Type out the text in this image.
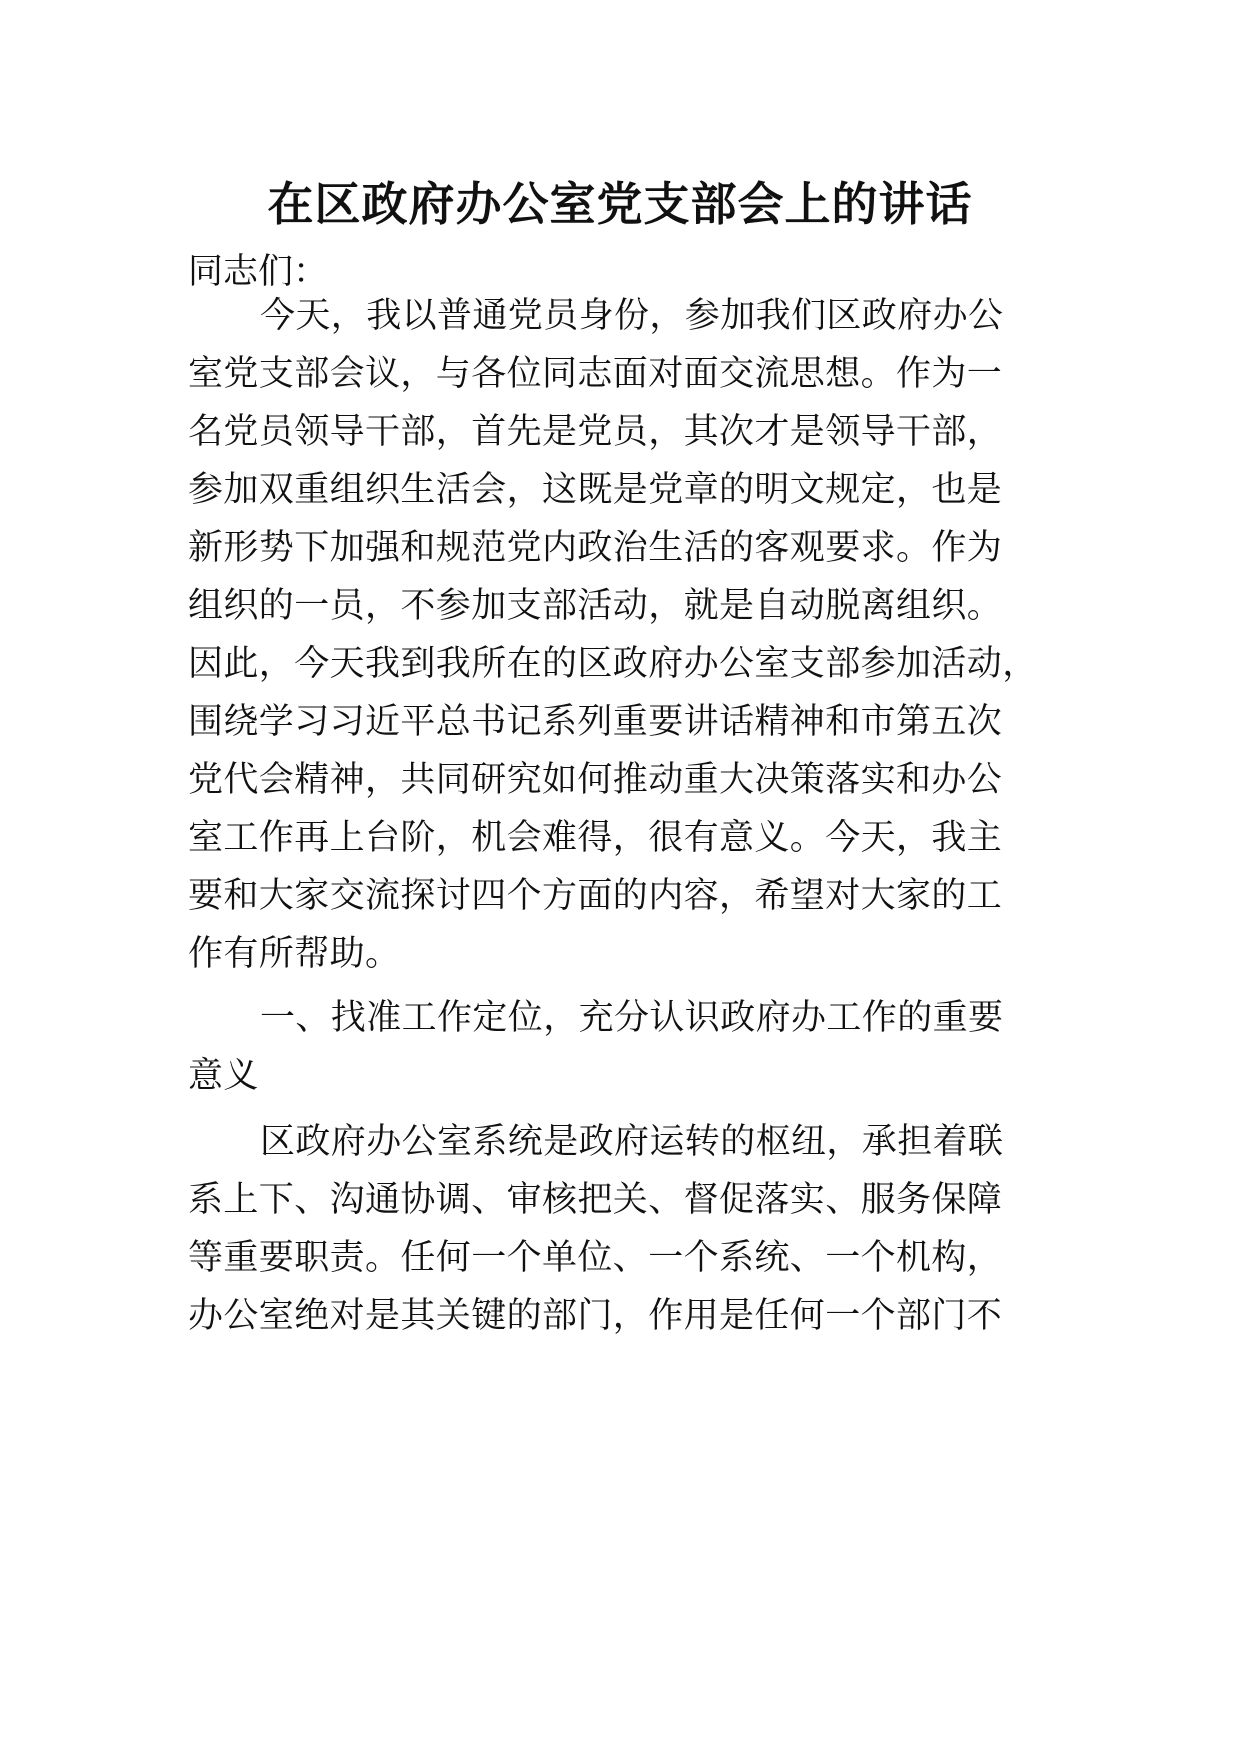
在区政府办公室党支部会上的讲话
同志们：
今天，我以普通党员身份，参加我们区政府办公
室党支部会议，与各位同志面对面交流思想。作为一
名党员领导干部，首先是党员，其次才是领导干部，
参加双重组织生活会，这既是党章的明文规定，也是
新形势下加强和规范党内政治生活的客观要求。作为
组织的一员，不参加支部活动，就是自动脱离组织。
因此，今天我到我所在的区政府办公室支部参加活动，
围绕学习习近平总书记系列重要讲话精神和市第五次
党代会精神，共同研究如何推动重大决策落实和办公
室工作再上台阶，机会难得，很有意义。今天，我主
要和大家交流探讨四个方面的内容，希望对大家的工
作有所帮助。
一、找准工作定位，充分认识政府办工作的重要
意义
区政府办公室系统是政府运转的枢纽，承担着联
系上下、沟通协调、审核把关、督促落实、服务保障
等重要职责。任何一个单位、一个系统、一个机构，
办公室绝对是其关键的部门，作用是任何一个部门不
